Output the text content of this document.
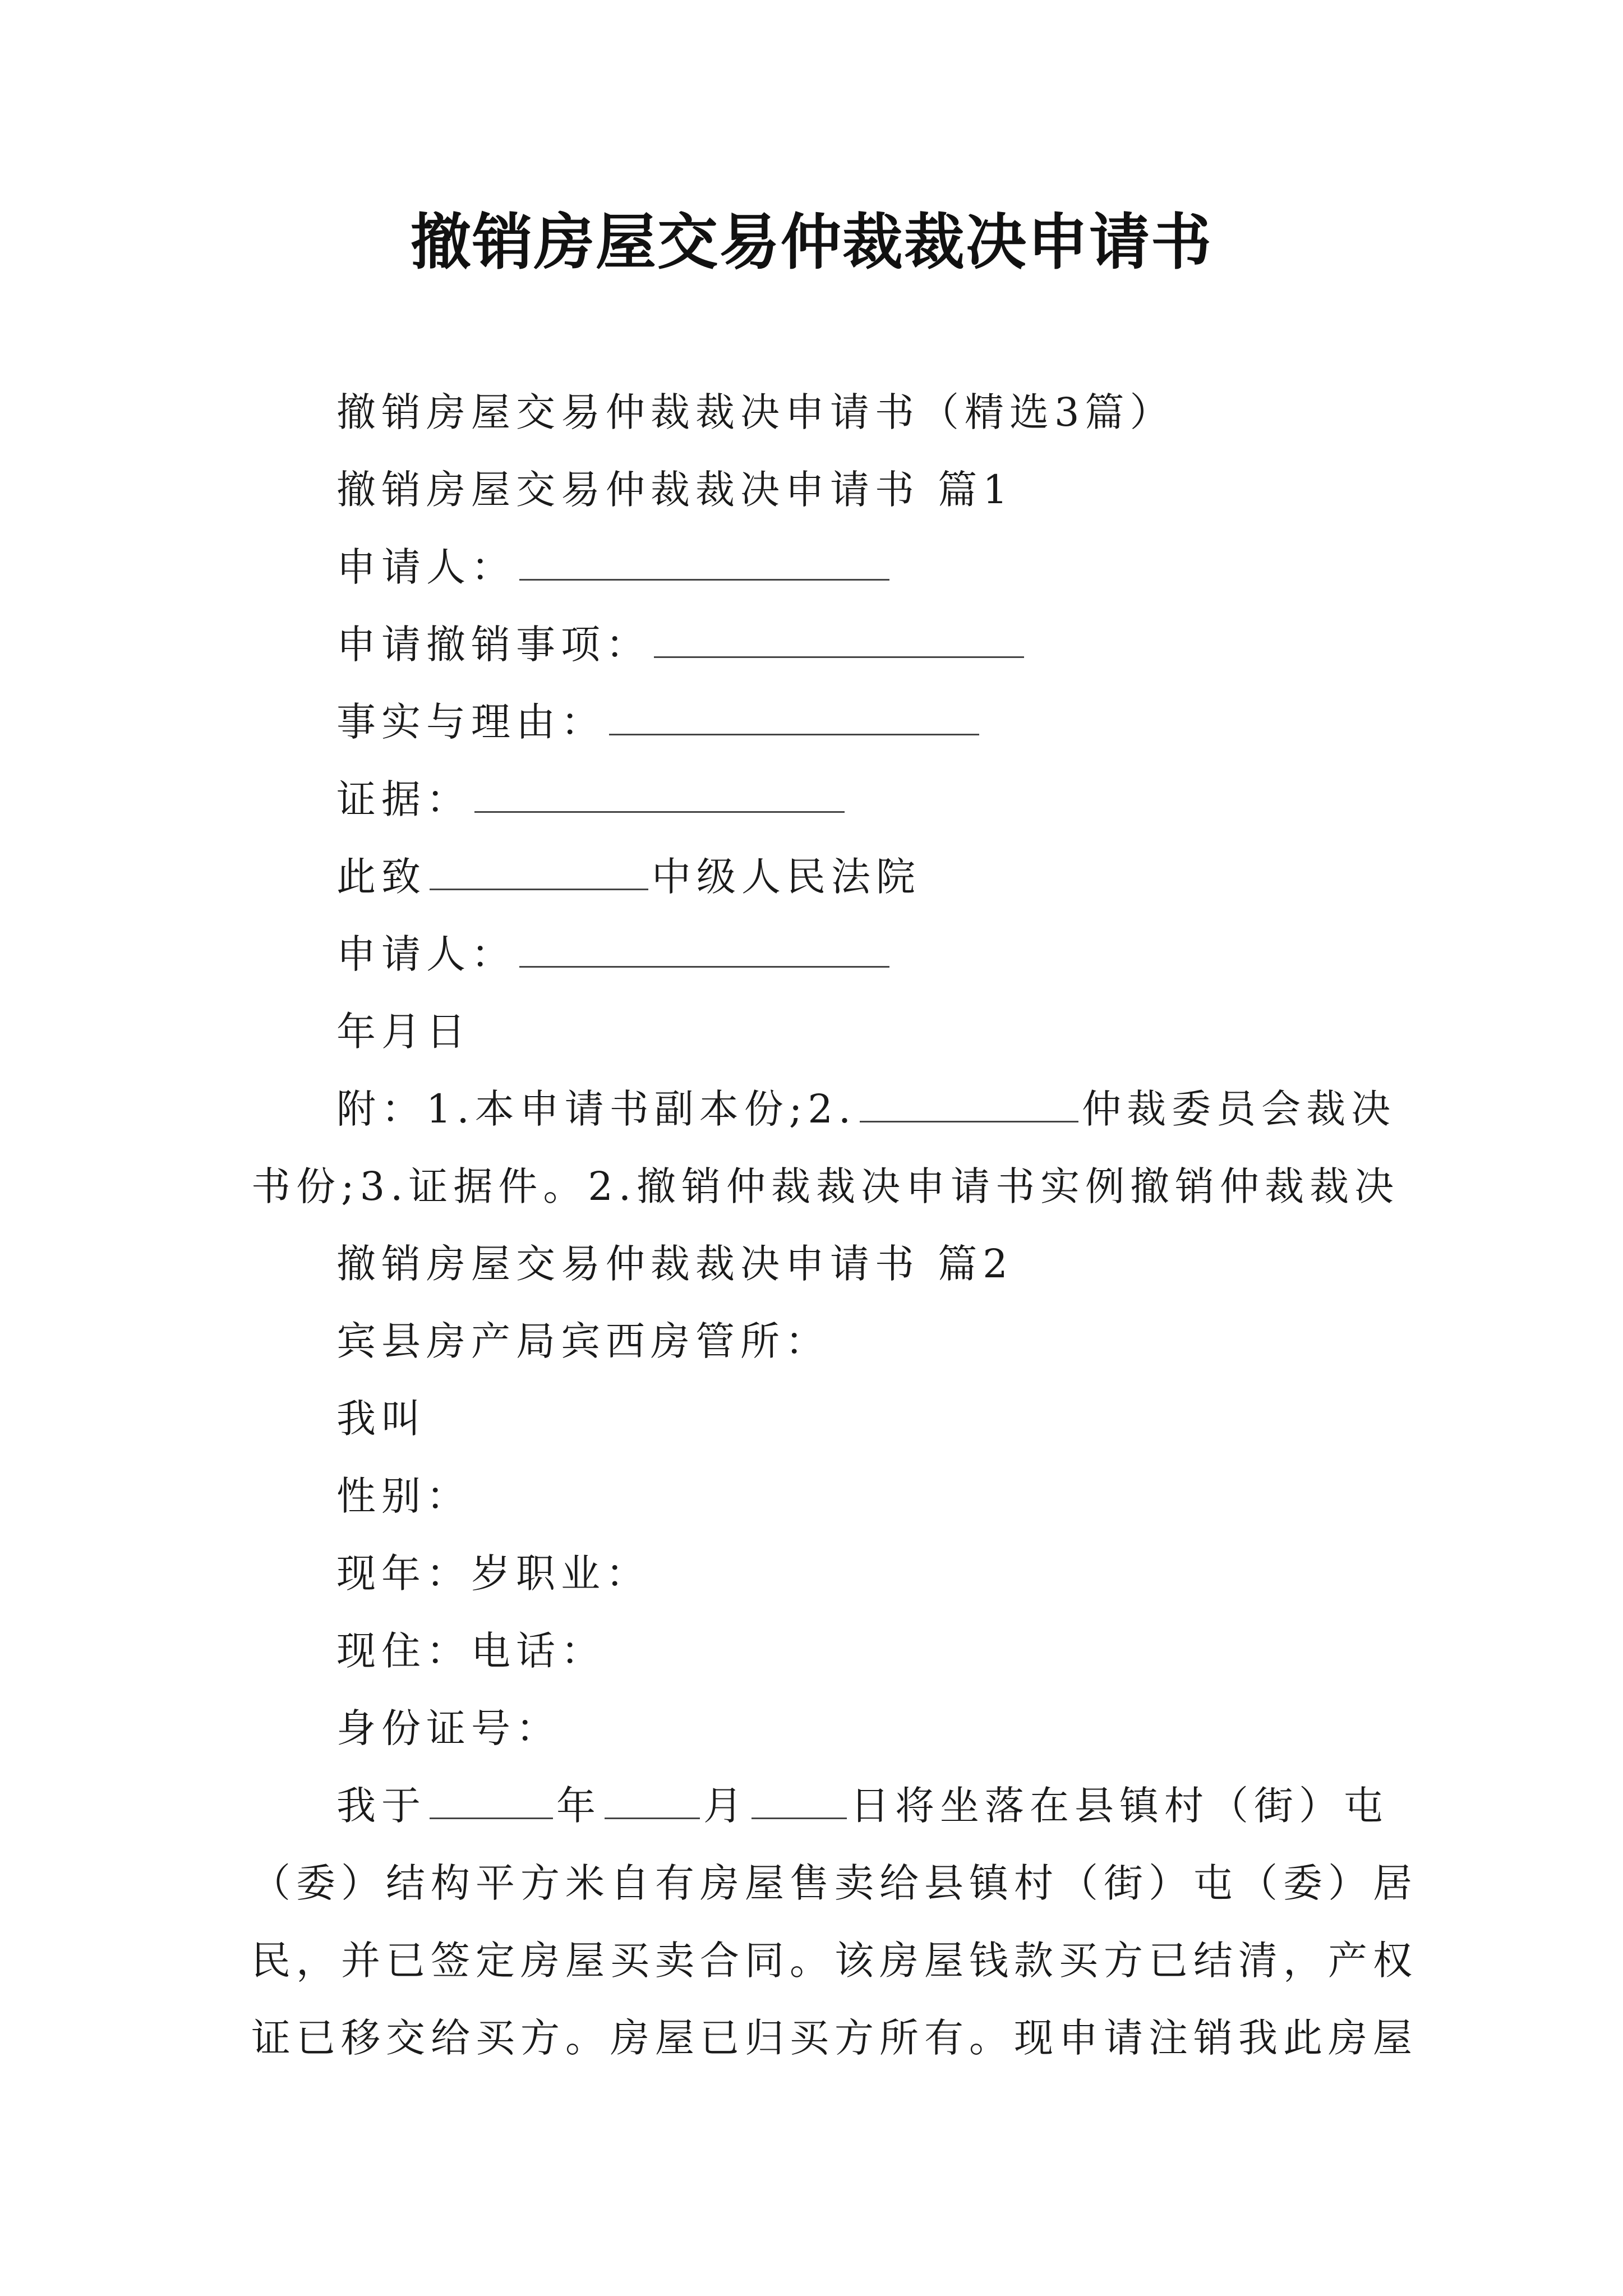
撤销房屋交易仲裁裁决申请书

撤销房屋交易仲裁裁决申请书（精选3篇）

撤销房屋交易仲裁裁决申请书 篇1

申请人：

申请撤销事项：

事实与理由：

证据：

此致	中级人民法院

申请人：

年月日

附：1.本申请书副本份;2.	仲裁委员会裁决

书份;3.证据件。2.撤销仲裁裁决申请书实例撤销仲裁裁决

撤销房屋交易仲裁裁决申请书 篇2

宾县房产局宾西房管所：

我叫

性别：

现年：岁职业：

现住：电话：

身份证号：

我于	年	月	日将坐落在县镇村（街）屯

（委）结构平方米自有房屋售卖给县镇村（街）屯（委）居

民，并已签定房屋买卖合同。该房屋钱款买方已结清，产权

证已移交给买方。房屋已归买方所有。现申请注销我此房屋
